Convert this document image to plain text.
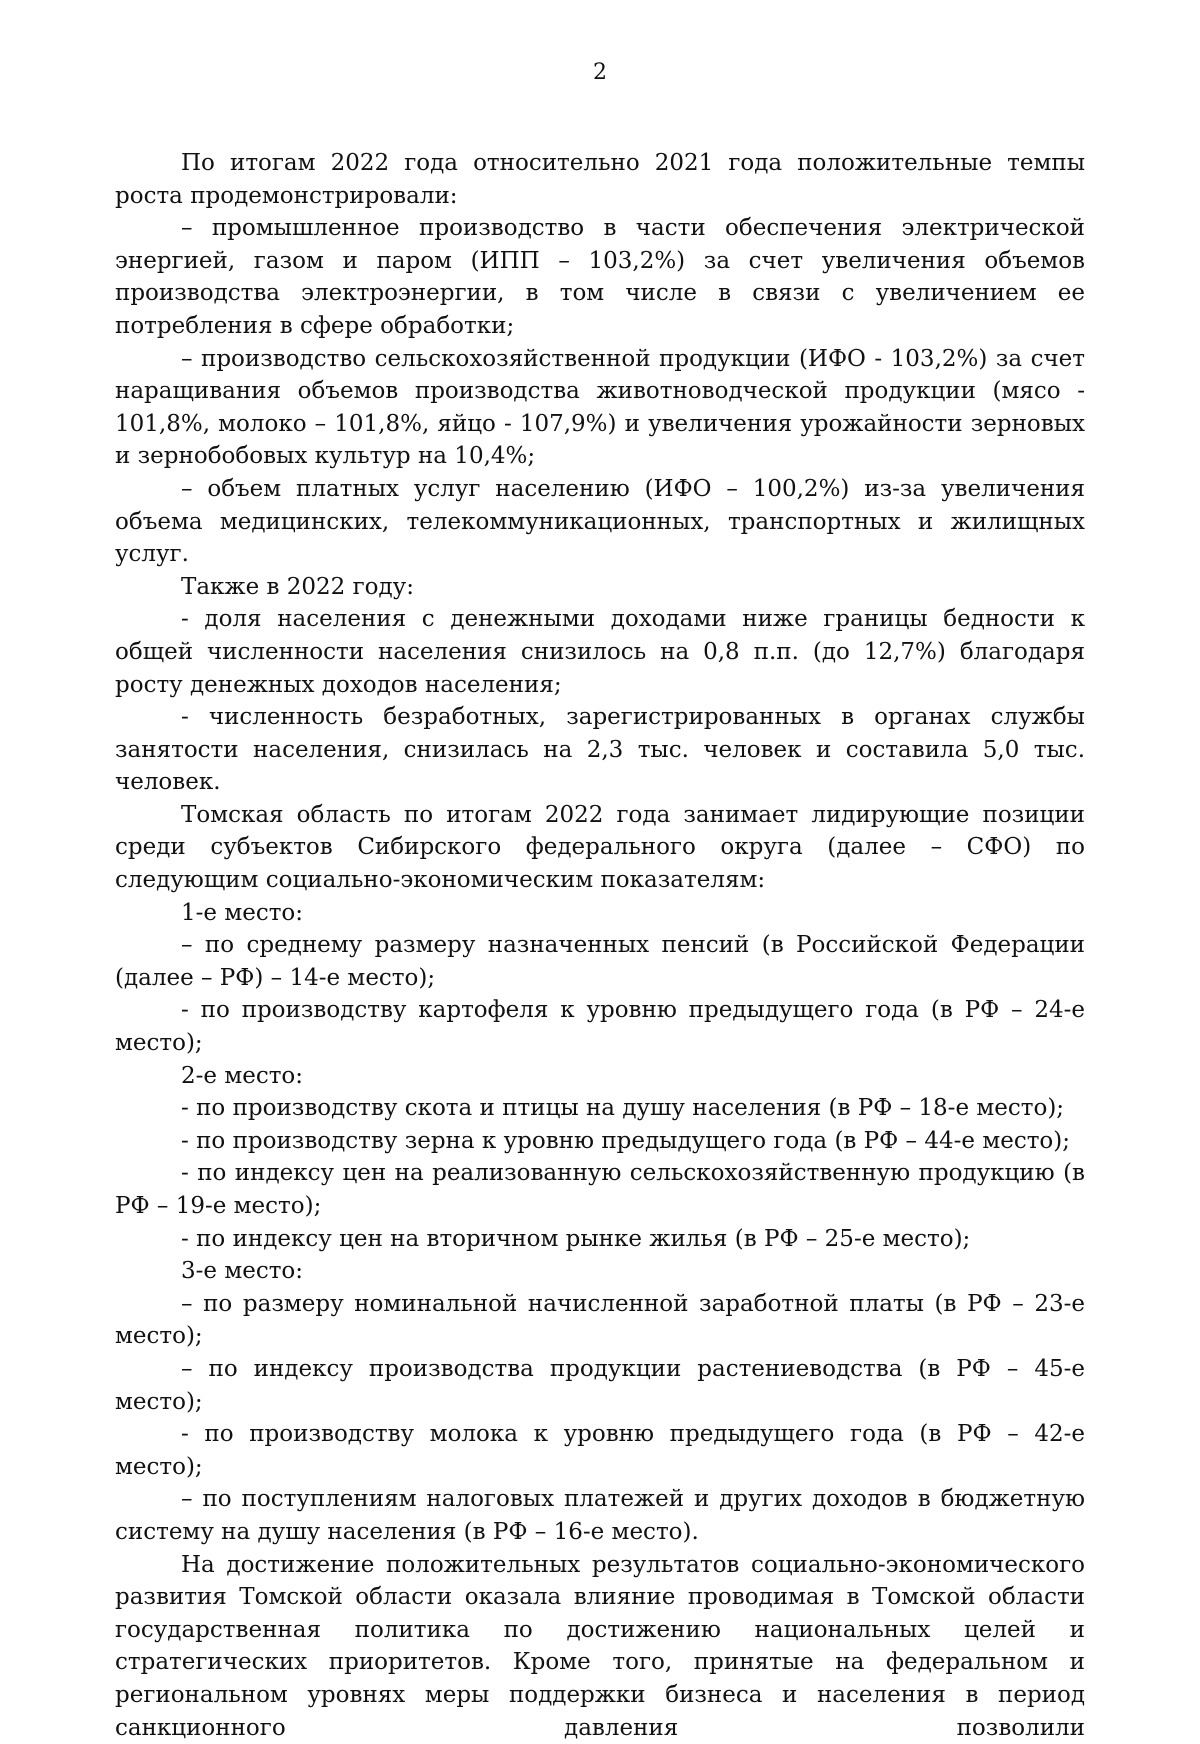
2

По итогам 2022 года относительно 2021 года положительные темпы роста продемонстрировали:

– промышленное производство в части обеспечения электрической энергией, газом и паром (ИПП – 103,2%) за счет увеличения объемов производства электроэнергии, в том числе в связи с увеличением ее потребления в сфере обработки;

– производство сельскохозяйственной продукции (ИФО - 103,2%) за счет наращивания объемов производства животноводческой продукции (мясо - 101,8%, молоко – 101,8%, яйцо - 107,9%) и увеличения урожайности зерновых и зернобобовых культур на 10,4%;

– объем платных услуг населению (ИФО – 100,2%) из-за увеличения объема медицинских, телекоммуникационных, транспортных и жилищных услуг.

Также в 2022 году:

- доля населения с денежными доходами ниже границы бедности к общей численности населения снизилось на 0,8 п.п. (до 12,7%) благодаря росту денежных доходов населения;

- численность безработных, зарегистрированных в органах службы занятости населения, снизилась на 2,3 тыс. человек и составила 5,0 тыс. человек.

Томская область по итогам 2022 года занимает лидирующие позиции среди субъектов Сибирского федерального округа (далее – СФО) по следующим социально-экономическим показателям:

1-е место:

– по среднему размеру назначенных пенсий (в Российской Федерации (далее – РФ) – 14-е место);

- по производству картофеля к уровню предыдущего года (в РФ – 24-е место);

2-е место:

- по производству скота и птицы на душу населения (в РФ – 18-е место);

- по производству зерна к уровню предыдущего года (в РФ – 44-е место);

- по индексу цен на реализованную сельскохозяйственную продукцию (в РФ – 19-е место);

- по индексу цен на вторичном рынке жилья (в РФ – 25-е место);

3-е место:

– по размеру номинальной начисленной заработной платы (в РФ – 23-е место);

– по индексу производства продукции растениеводства (в РФ – 45-е место);

- по производству молока к уровню предыдущего года (в РФ – 42-е место);

– по поступлениям налоговых платежей и других доходов в бюджетную систему на душу населения (в РФ – 16-е место).

На достижение положительных результатов социально-экономического развития Томской области оказала влияние проводимая в Томской области государственная политика по достижению национальных целей и стратегических приоритетов. Кроме того, принятые на федеральном и региональном уровнях меры поддержки бизнеса и населения в период санкционного давления позволили
